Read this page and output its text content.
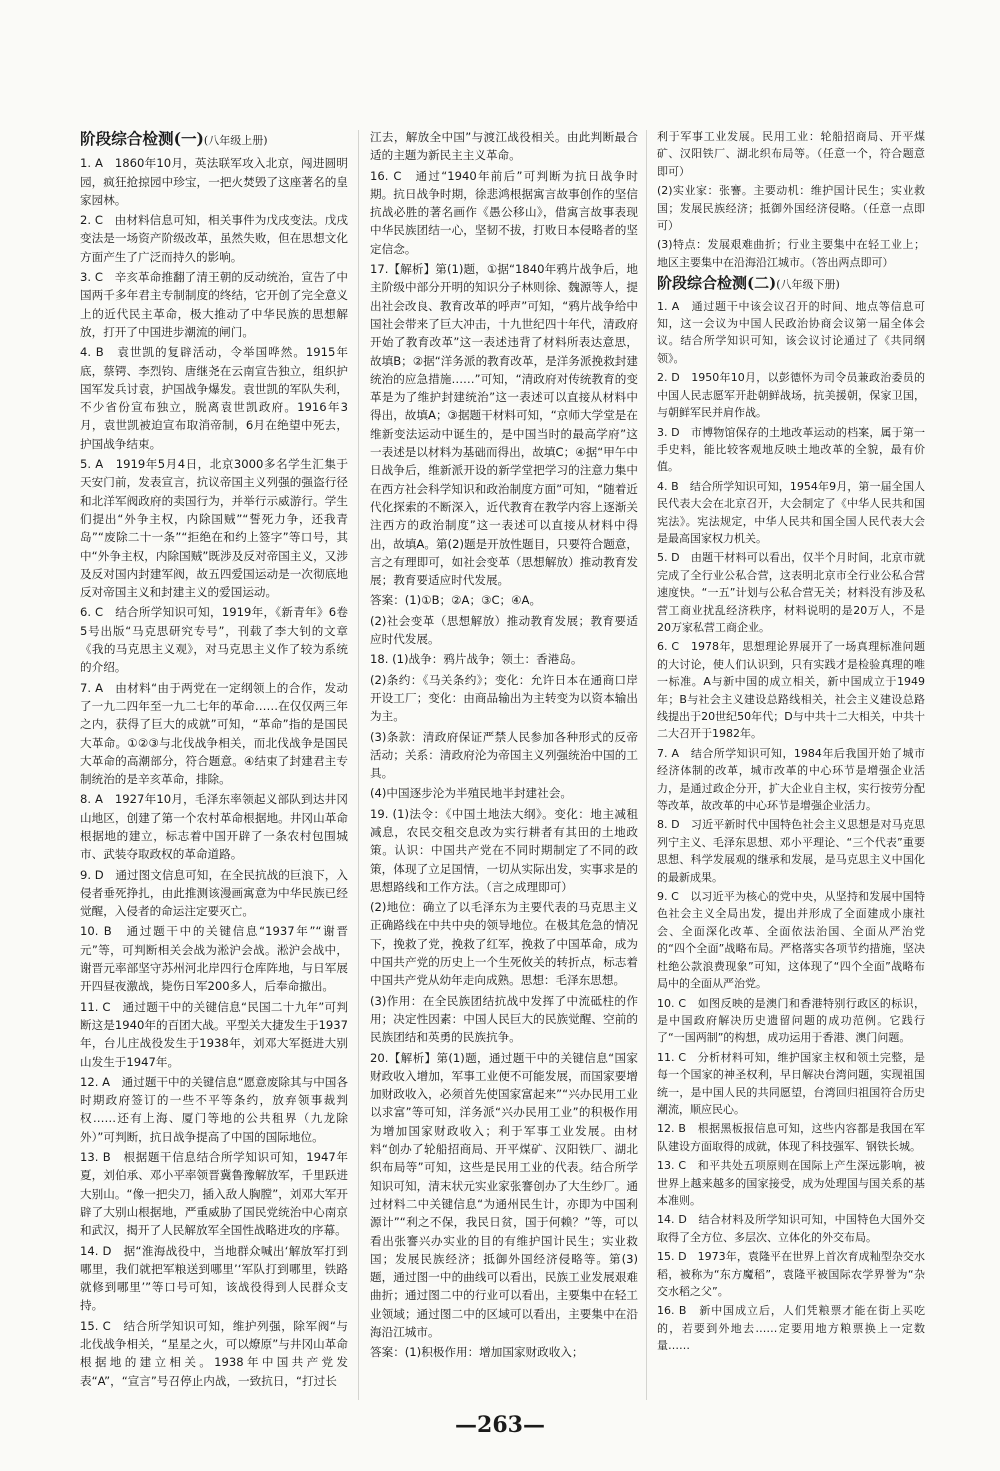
阶段综合检测(一)(八年级上册)
1. A　1860年10月，英法联军攻入北京，闯进圆明园，疯狂抢掠园中珍宝，一把火焚毁了这座著名的皇家园林。
2. C　由材料信息可知，相关事件为戊戌变法。戊戌变法是一场资产阶级改革，虽然失败，但在思想文化方面产生了广泛而持久的影响。
3. C　辛亥革命推翻了清王朝的反动统治，宣告了中国两千多年君主专制制度的终结，它开创了完全意义上的近代民主革命，极大推动了中华民族的思想解放，打开了中国进步潮流的闸门。
4. B　袁世凯的复辟活动，令举国哗然。1915年底，蔡锷、李烈钧、唐继尧在云南宣告独立，组织护国军发兵讨袁，护国战争爆发。袁世凯的军队失利，不少省份宣布独立，脱离袁世凯政府。1916年3月，袁世凯被迫宣布取消帝制，6月在绝望中死去，护国战争结束。
5. A　1919年5月4日，北京3000多名学生汇集于天安门前，发表宣言，抗议帝国主义列强的强盗行径和北洋军阀政府的卖国行为，并举行示威游行。学生们提出“外争主权，内除国贼”“誓死力争，还我青岛”“废除二十一条”“拒绝在和约上签字”等口号，其中“外争主权，内除国贼”既涉及反对帝国主义，又涉及反对国内封建军阀，故五四爱国运动是一次彻底地反对帝国主义和封建主义的爱国运动。
6. C　结合所学知识可知，1919年，《新青年》6卷5号出版“马克思研究专号”，刊载了李大钊的文章《我的马克思主义观》，对马克思主义作了较为系统的介绍。
7. A　由材料“由于两党在一定纲领上的合作，发动了一九二四年至一九二七年的革命……在仅仅两三年之内，获得了巨大的成就”可知，“革命”指的是国民大革命。①②③与北伐战争相关，而北伐战争是国民大革命的高潮部分，符合题意。④结束了封建君主专制统治的是辛亥革命，排除。
8. A　1927年10月，毛泽东率领起义部队到达井冈山地区，创建了第一个农村革命根据地。井冈山革命根据地的建立，标志着中国开辟了一条农村包围城市、武装夺取政权的革命道路。
9. D　通过图文信息可知，在全民抗战的巨浪下，入侵者垂死挣扎，由此推测该漫画寓意为中华民族已经觉醒，入侵者的命运注定要灭亡。
10. B　通过题干中的关键信息“1937年”“谢晋元”等，可判断相关会战为淞沪会战。淞沪会战中，谢晋元率部坚守苏州河北岸四行仓库阵地，与日军展开四昼夜激战，毙伤日军200多人，后奉命撤出。
11. C　通过题干中的关键信息“民国二十九年”可判断这是1940年的百团大战。平型关大捷发生于1937年，台儿庄战役发生于1938年，刘邓大军挺进大别山发生于1947年。
12. A　通过题干中的关键信息“愿意废除其与中国各时期政府签订的一些不平等条约，放弃领事裁判权……还有上海、厦门等地的公共租界（九龙除外）”可判断，抗日战争提高了中国的国际地位。
13. B　根据题干信息结合所学知识可知，1947年夏，刘伯承、邓小平率领晋冀鲁豫解放军，千里跃进大别山。“像一把尖刀，插入敌人胸膛”，刘邓大军开辟了大别山根据地，严重威胁了国民党统治中心南京和武汉，揭开了人民解放军全国性战略进攻的序幕。
14. D　据“淮海战役中，当地群众喊出‘解放军打到哪里，我们就把军粮送到哪里’‘军队打到哪里，铁路就修到哪里’”等口号可知，该战役得到人民群众支持。
15. C　结合所学知识可知，维护列强，除军阀“与北伐战争相关，“星星之火，可以燎原”与井冈山革命根据地的建立相关。1938年中国共产党发表“A”，“宣言”号召停止内战，一致抗日，“打过长
江去，解放全中国”与渡江战役相关。由此判断最合适的主题为新民主主义革命。
16. C　通过“1940年前后”可判断为抗日战争时期。抗日战争时期，徐悲鸿根据寓言故事创作的坚信抗战必胜的著名画作《愚公移山》，借寓言故事表现中华民族团结一心，坚韧不拔，打败日本侵略者的坚定信念。
17.【解析】第(1)题，①据“1840年鸦片战争后，地主阶级中部分开明的知识分子林则徐、魏源等人，提出社会改良、教育改革的呼声”可知，“鸦片战争给中国社会带来了巨大冲击，十九世纪四十年代，清政府开始了教育改革”这一表述违背了材料所表达意思，故填B；②据“洋务派的教育改革，是洋务派挽救封建统治的应急措施……”可知，“清政府对传统教育的变革是为了维护封建统治”这一表述可以直接从材料中得出，故填A；③据题干材料可知，“京师大学堂是在维新变法运动中诞生的，是中国当时的最高学府”这一表述是以材料为基础而得出，故填C；④据“甲午中日战争后，维新派开设的新学堂把学习的注意力集中在西方社会科学知识和政治制度方面”可知，“随着近代化探索的不断深入，近代教育在教学内容上逐渐关注西方的政治制度”这一表述可以直接从材料中得出，故填A。第(2)题是开放性题目，只要符合题意，言之有理即可，如社会变革（思想解放）推动教育发展；教育要适应时代发展。
答案：(1)①B；②A；③C；④A。
(2)社会变革（思想解放）推动教育发展；教育要适应时代发展。
18. (1)战争：鸦片战争；领土：香港岛。
(2)条约：《马关条约》；变化：允许日本在通商口岸开设工厂；变化：由商品输出为主转变为以资本输出为主。
(3)条款：清政府保证严禁人民参加各种形式的反帝活动；关系：清政府沦为帝国主义列强统治中国的工具。
(4)中国逐步沦为半殖民地半封建社会。
19. (1)法令：《中国土地法大纲》。变化：地主减租减息，农民交租交息改为实行耕者有其田的土地政策。认识：中国共产党在不同时期制定了不同的政策，体现了立足国情，一切从实际出发，实事求是的思想路线和工作方法。（言之成理即可）
(2)地位：确立了以毛泽东为主要代表的马克思主义正确路线在中共中央的领导地位。在极其危急的情况下，挽救了党，挽救了红军，挽救了中国革命，成为中国共产党的历史上一个生死攸关的转折点，标志着中国共产党从幼年走向成熟。思想：毛泽东思想。
(3)作用：在全民族团结抗战中发挥了中流砥柱的作用；决定性因素：中国人民巨大的民族觉醒、空前的民族团结和英勇的民族抗争。
20.【解析】第(1)题，通过题干中的关键信息“国家财政收入增加，军事工业便不可能发展，而国家要增加财政收入，必须首先使国家富起来”“兴办民用工业以求富”等可知，洋务派“兴办民用工业”的积极作用为增加国家财政收入；利于军事工业发展。由材料“创办了轮船招商局、开平煤矿、汉阳铁厂、湖北织布局等”可知，这些是民用工业的代表。结合所学知识可知，清末状元实业家张謇创办了大生纱厂。通过材料二中关键信息“为通州民生计，亦即为中国利源计”“利之不保，我民日贫，国于何赖？”等，可以看出张謇兴办实业的目的有维护国计民生；实业救国；发展民族经济；抵御外国经济侵略等。第(3)题，通过图一中的曲线可以看出，民族工业发展艰难曲折；通过图二中的行业可以看出，主要集中在轻工业领域；通过图二中的区域可以看出，主要集中在沿海沿江城市。
答案：(1)积极作用：增加国家财政收入；
利于军事工业发展。民用工业：轮船招商局、开平煤矿、汉阳铁厂、湖北织布局等。（任意一个，符合题意即可）
(2)实业家：张謇。主要动机：维护国计民生；实业救国；发展民族经济；抵御外国经济侵略。（任意一点即可）
(3)特点：发展艰难曲折；行业主要集中在轻工业上；地区主要集中在沿海沿江城市。（答出两点即可）
阶段综合检测(二)(八年级下册)
1. A　通过题干中该会议召开的时间、地点等信息可知，这一会议为中国人民政治协商会议第一届全体会议。结合所学知识可知，该会议讨论通过了《共同纲领》。
2. D　1950年10月，以彭德怀为司令员兼政治委员的中国人民志愿军开赴朝鲜战场，抗美援朝，保家卫国，与朝鲜军民并肩作战。
3. D　市博物馆保存的土地改革运动的档案，属于第一手史料，能比较客观地反映土地改革的全貌，最有价值。
4. B　结合所学知识可知，1954年9月，第一届全国人民代表大会在北京召开，大会制定了《中华人民共和国宪法》。宪法规定，中华人民共和国全国人民代表大会是最高国家权力机关。
5. D　由题干材料可以看出，仅半个月时间，北京市就完成了全行业公私合营，这表明北京市全行业公私合营速度快。“一五”计划与公私合营无关；材料没有涉及私营工商业扰乱经济秩序，材料说明的是20万人，不是20万家私营工商企业。
6. C　1978年，思想理论界展开了一场真理标准问题的大讨论，使人们认识到，只有实践才是检验真理的唯一标准。A与新中国的成立相关，新中国成立于1949年；B与社会主义建设总路线相关，社会主义建设总路线提出于20世纪50年代；D与中共十二大相关，中共十二大召开于1982年。
7. A　结合所学知识可知，1984年后我国开始了城市经济体制的改革，城市改革的中心环节是增强企业活力，是通过政企分开，扩大企业自主权，实行按劳分配等改革，故改革的中心环节是增强企业活力。
8. D　习近平新时代中国特色社会主义思想是对马克思列宁主义、毛泽东思想、邓小平理论、“三个代表”重要思想、科学发展观的继承和发展，是马克思主义中国化的最新成果。
9. C　以习近平为核心的党中央，从坚持和发展中国特色社会主义全局出发，提出并形成了全面建成小康社会、全面深化改革、全面依法治国、全面从严治党的“四个全面”战略布局。严格落实各项节约措施，坚决杜绝公款浪费现象”可知，这体现了“四个全面”战略布局中的全面从严治党。
10. C　如图反映的是澳门和香港特别行政区的标识，是中国政府解决历史遗留问题的成功范例。它践行了“一国两制”的构想，成功运用于香港、澳门问题。
11. C　分析材料可知，维护国家主权和领土完整，是每一个国家的神圣权利，早日解决台湾问题，实现祖国统一，是中国人民的共同愿望，台湾回归祖国符合历史潮流，顺应民心。
12. B　根据黑板报信息可知，这些内容都是我国在军队建设方面取得的成就，体现了科技强军、钢铁长城。
13. C　和平共处五项原则在国际上产生深远影响，被世界上越来越多的国家接受，成为处理国与国关系的基本准则。
14. D　结合材料及所学知识可知，中国特色大国外交取得了全方位、多层次、立体化的外交布局。
15. D　1973年，袁隆平在世界上首次育成籼型杂交水稻，被称为“东方魔稻”，袁隆平被国际农学界誉为“杂交水稻之父”。
16. B　新中国成立后，人们凭粮票才能在街上买吃的，若要到外地去……定要用地方粮票换上一定数量……
—263—
